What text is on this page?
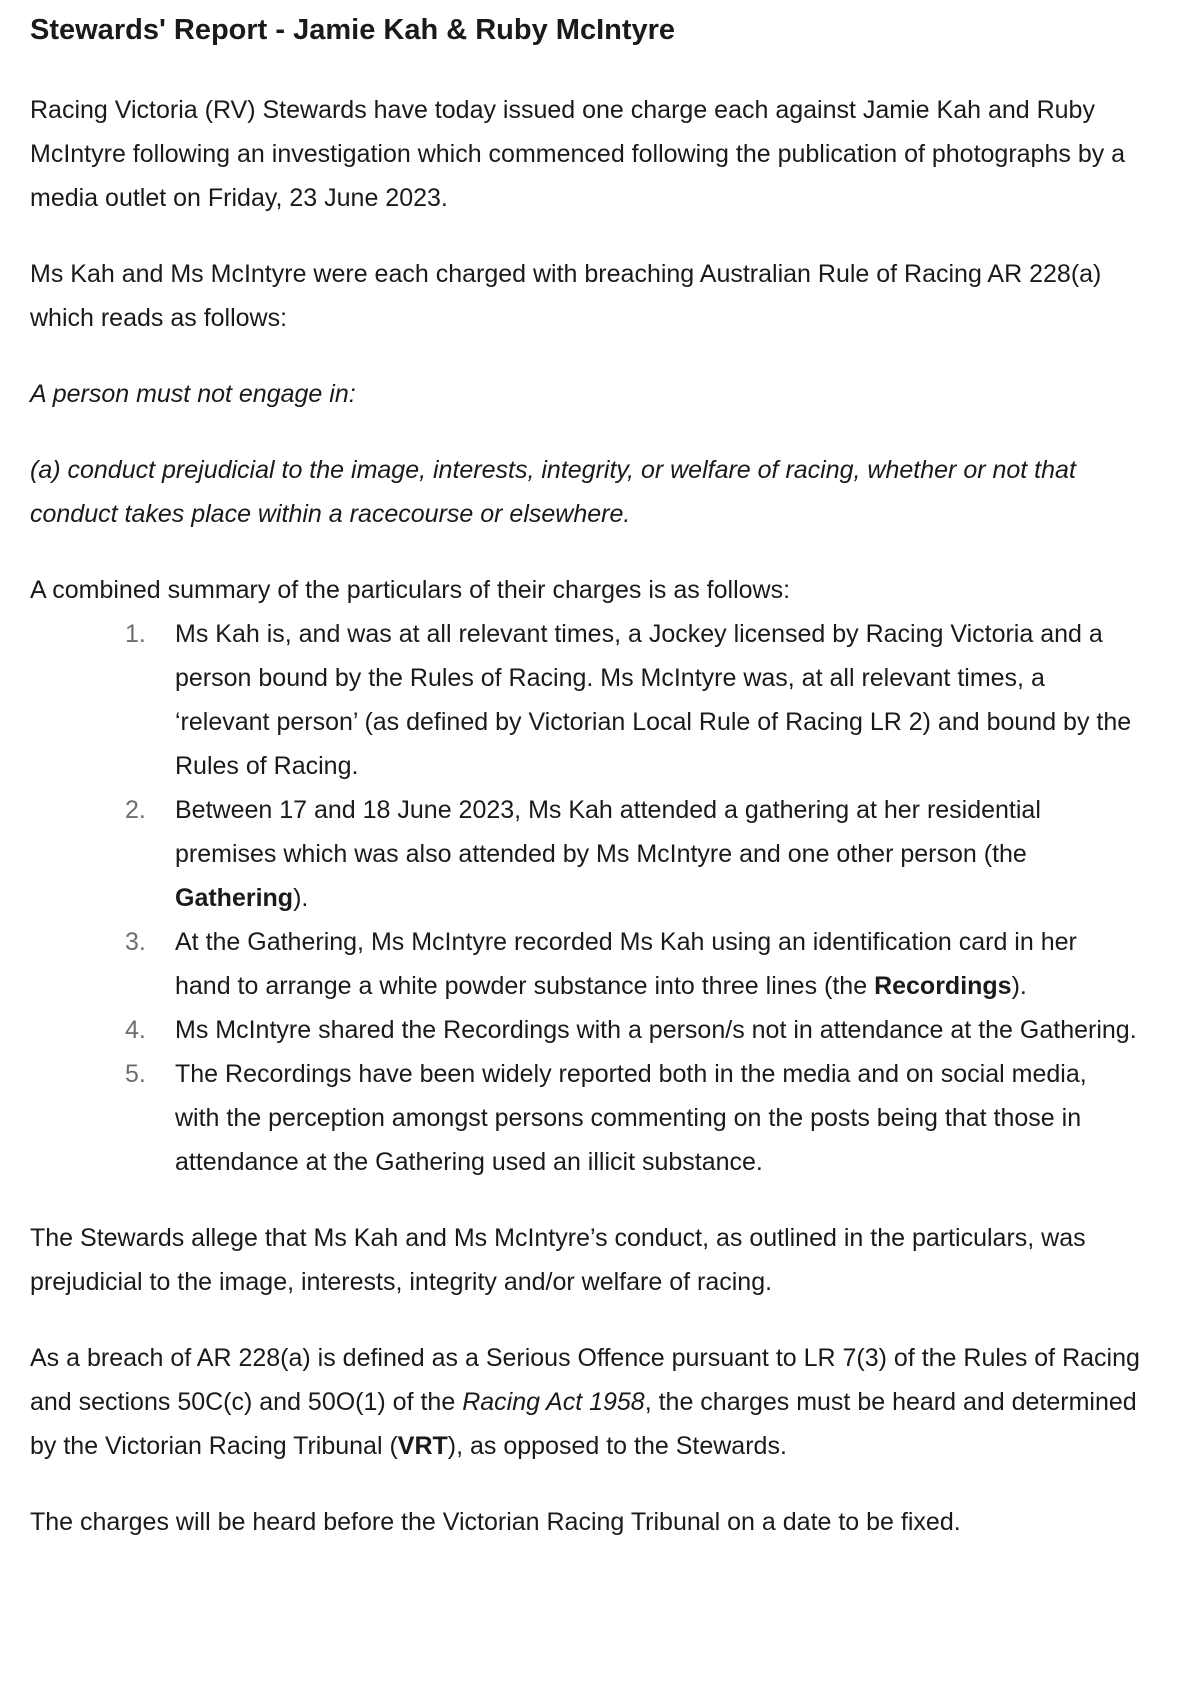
Stewards' Report - Jamie Kah & Ruby McIntyre

Racing Victoria (RV) Stewards have today issued one charge each against Jamie Kah and Ruby McIntyre following an investigation which commenced following the publication of photographs by a media outlet on Friday, 23 June 2023.

Ms Kah and Ms McIntyre were each charged with breaching Australian Rule of Racing AR 228(a) which reads as follows:

A person must not engage in:

(a) conduct prejudicial to the image, interests, integrity, or welfare of racing, whether or not that conduct takes place within a racecourse or elsewhere.

A combined summary of the particulars of their charges is as follows:

1. Ms Kah is, and was at all relevant times, a Jockey licensed by Racing Victoria and a person bound by the Rules of Racing. Ms McIntyre was, at all relevant times, a ‘relevant person’ (as defined by Victorian Local Rule of Racing LR 2) and bound by the Rules of Racing.
2. Between 17 and 18 June 2023, Ms Kah attended a gathering at her residential premises which was also attended by Ms McIntyre and one other person (the Gathering).
3. At the Gathering, Ms McIntyre recorded Ms Kah using an identification card in her hand to arrange a white powder substance into three lines (the Recordings).
4. Ms McIntyre shared the Recordings with a person/s not in attendance at the Gathering.
5. The Recordings have been widely reported both in the media and on social media, with the perception amongst persons commenting on the posts being that those in attendance at the Gathering used an illicit substance.

The Stewards allege that Ms Kah and Ms McIntyre’s conduct, as outlined in the particulars, was prejudicial to the image, interests, integrity and/or welfare of racing.

As a breach of AR 228(a) is defined as a Serious Offence pursuant to LR 7(3) of the Rules of Racing and sections 50C(c) and 50O(1) of the Racing Act 1958, the charges must be heard and determined by the Victorian Racing Tribunal (VRT), as opposed to the Stewards.

The charges will be heard before the Victorian Racing Tribunal on a date to be fixed.
